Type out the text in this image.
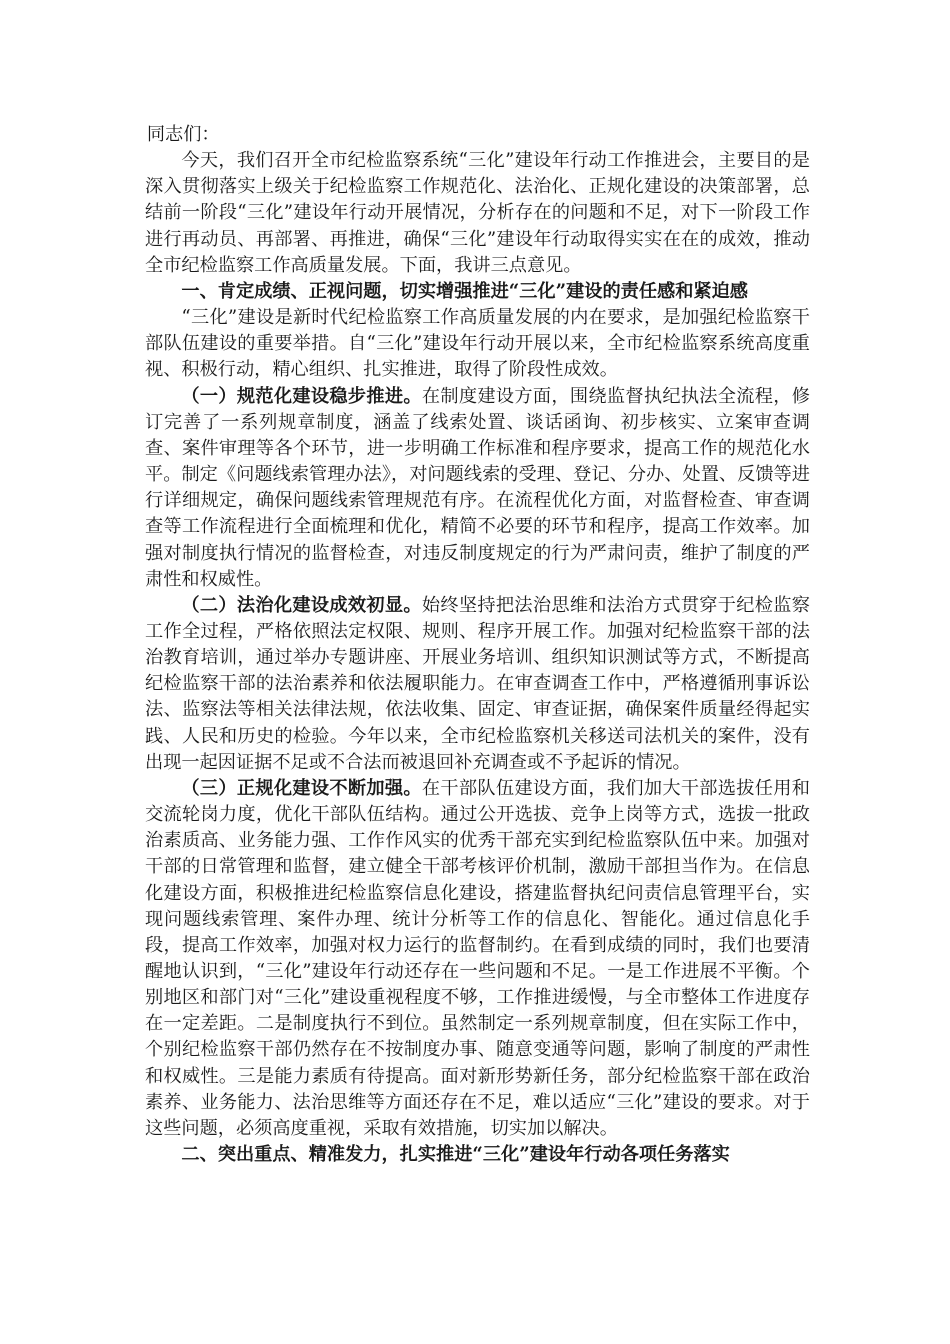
同志们：

今天，我们召开全市纪检监察系统“三化”建设年行动工作推进会，主要目的是深入贯彻落实上级关于纪检监察工作规范化、法治化、正规化建设的决策部署，总结前一阶段“三化”建设年行动开展情况，分析存在的问题和不足，对下一阶段工作进行再动员、再部署、再推进，确保“三化”建设年行动取得实实在在的成效，推动全市纪检监察工作高质量发展。下面，我讲三点意见。

一、肯定成绩、正视问题，切实增强推进“三化”建设的责任感和紧迫感

“三化”建设是新时代纪检监察工作高质量发展的内在要求，是加强纪检监察干部队伍建设的重要举措。自“三化”建设年行动开展以来，全市纪检监察系统高度重视、积极行动，精心组织、扎实推进，取得了阶段性成效。

（一）规范化建设稳步推进。在制度建设方面，围绕监督执纪执法全流程，修订完善了一系列规章制度，涵盖了线索处置、谈话函询、初步核实、立案审查调查、案件审理等各个环节，进一步明确工作标准和程序要求，提高工作的规范化水平。制定《问题线索管理办法》，对问题线索的受理、登记、分办、处置、反馈等进行详细规定，确保问题线索管理规范有序。在流程优化方面，对监督检查、审查调查等工作流程进行全面梳理和优化，精简不必要的环节和程序，提高工作效率。加强对制度执行情况的监督检查，对违反制度规定的行为严肃问责，维护了制度的严肃性和权威性。

（二）法治化建设成效初显。始终坚持把法治思维和法治方式贯穿于纪检监察工作全过程，严格依照法定权限、规则、程序开展工作。加强对纪检监察干部的法治教育培训，通过举办专题讲座、开展业务培训、组织知识测试等方式，不断提高纪检监察干部的法治素养和依法履职能力。在审查调查工作中，严格遵循刑事诉讼法、监察法等相关法律法规，依法收集、固定、审查证据，确保案件质量经得起实践、人民和历史的检验。今年以来，全市纪检监察机关移送司法机关的案件，没有出现一起因证据不足或不合法而被退回补充调查或不予起诉的情况。

（三）正规化建设不断加强。在干部队伍建设方面，我们加大干部选拔任用和交流轮岗力度，优化干部队伍结构。通过公开选拔、竞争上岗等方式，选拔一批政治素质高、业务能力强、工作作风实的优秀干部充实到纪检监察队伍中来。加强对干部的日常管理和监督，建立健全干部考核评价机制，激励干部担当作为。在信息化建设方面，积极推进纪检监察信息化建设，搭建监督执纪问责信息管理平台，实现问题线索管理、案件办理、统计分析等工作的信息化、智能化。通过信息化手段，提高工作效率，加强对权力运行的监督制约。在看到成绩的同时，我们也要清醒地认识到，“三化”建设年行动还存在一些问题和不足。一是工作进展不平衡。个别地区和部门对“三化”建设重视程度不够，工作推进缓慢，与全市整体工作进度存在一定差距。二是制度执行不到位。虽然制定一系列规章制度，但在实际工作中，个别纪检监察干部仍然存在不按制度办事、随意变通等问题，影响了制度的严肃性和权威性。三是能力素质有待提高。面对新形势新任务，部分纪检监察干部在政治素养、业务能力、法治思维等方面还存在不足，难以适应“三化”建设的要求。对于这些问题，必须高度重视，采取有效措施，切实加以解决。

二、突出重点、精准发力，扎实推进“三化”建设年行动各项任务落实
